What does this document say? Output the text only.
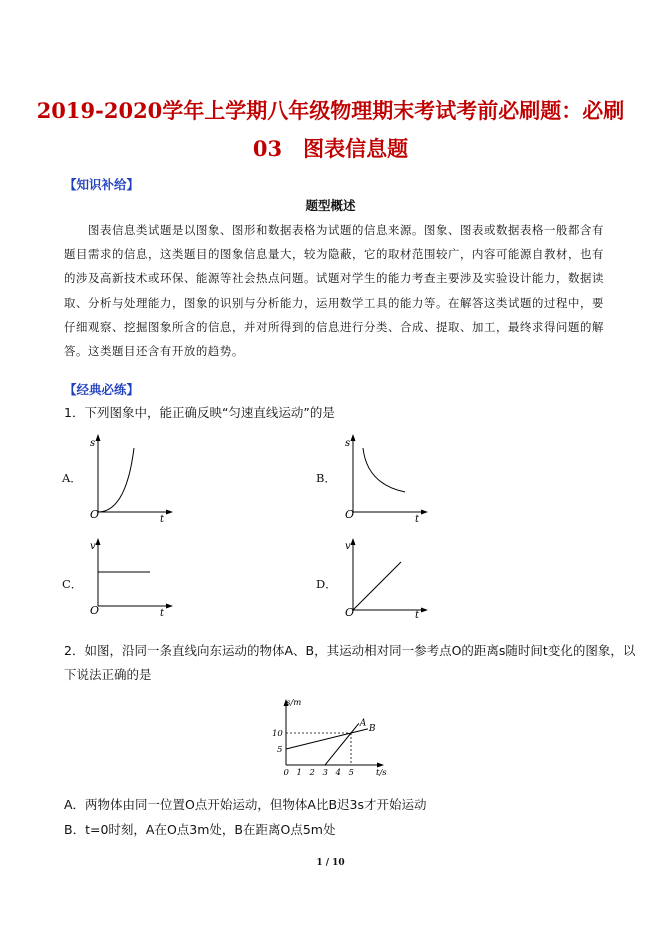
2019-2020学年上学期八年级物理期末考试考前必刷题：必刷
03　图表信息题
【知识补给】
题型概述
图表信息类试题是以图象、图形和数据表格为试题的信息来源。图象、图表或数据表格一般都含有题目需求的信息，这类题目的图象信息量大，较为隐蔽，它的取材范围较广，内容可能源自教材，也有的涉及高新技术或环保、能源等社会热点问题。试题对学生的能力考查主要涉及实验设计能力，数据读取、分析与处理能力，图象的识别与分析能力，运用数学工具的能力等。在解答这类试题的过程中，要仔细观察、挖掘图象所含的信息，并对所得到的信息进行分类、合成、提取、加工，最终求得问题的解答。这类题目还含有开放的趋势。
【经典必练】
1．下列图象中，能正确反映“匀速直线运动”的是
A．
s
t
O
B．
s
t
O
C．
v
t
O
D．
v
t
O
2．如图，沿同一条直线向东运动的物体A、B，其运动相对同一参考点O的距离s随时间t变化的图象，以
下说法正确的是
s/m
t/s
0 1 2 3 4 5
5
10
A
B
A．两物体由同一位置O点开始运动，但物体A比B迟3s才开始运动
B．t=0时刻，A在O点3m处，B在距离O点5m处
1 / 10
